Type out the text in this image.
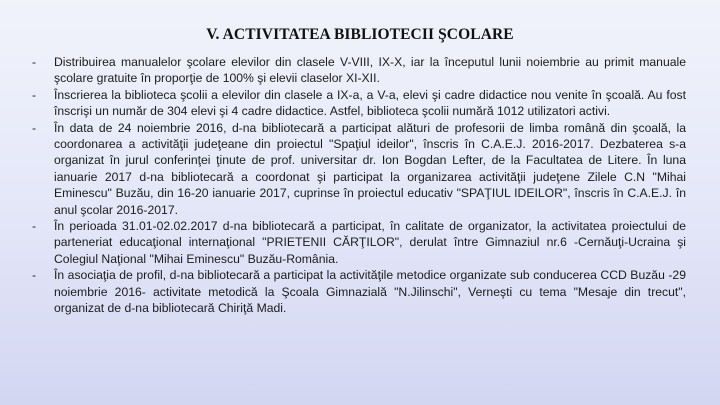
V. ACTIVITATEA BIBLIOTECII ŞCOLARE
- Distribuirea manualelor şcolare elevilor din clasele V-VIII, IX-X, iar la începutul lunii noiembrie au primit manuale şcolare gratuite în proporţie de 100% şi elevii claselor XI-XII.
- Înscrierea la biblioteca şcolii a elevilor din clasele a IX-a, a V-a, elevi şi cadre didactice nou venite în şcoală. Au fost înscrişi un număr de 304 elevi şi 4 cadre didactice. Astfel, biblioteca şcolii numără 1012 utilizatori activi.
- În data de 24 noiembrie 2016, d-na bibliotecară a participat alături de profesorii de limba română din şcoală, la coordonarea a activităţii judeţeane din proiectul "Spaţiul ideilor", înscris în C.A.E.J. 2016-2017. Dezbaterea s-a organizat în jurul conferinţei ţinute de prof. universitar dr. Ion Bogdan Lefter, de la Facultatea de Litere. În luna ianuarie 2017 d-na bibliotecară a coordonat şi participat la organizarea activităţii judeţene Zilele C.N "Mihai Eminescu" Buzău, din 16-20 ianuarie 2017, cuprinse în proiectul educativ "SPAŢIUL IDEILOR", înscris în C.A.E.J. în anul şcolar 2016-2017.
- În perioada 31.01-02.02.2017 d-na bibliotecară a participat, în calitate de organizator, la activitatea proiectului de parteneriat educaţional internaţional "PRIETENII CĂRŢILOR", derulat între Gimnaziul nr.6 -Cernăuţi-Ucraina şi Colegiul Naţional "Mihai Eminescu" Buzău-România.
- În asociaţia de profil, d-na bibliotecară a participat la activităţile metodice organizate sub conducerea CCD Buzău -29 noiembrie 2016- activitate metodică la Şcoala Gimnazială "N.Jilinschi", Verneşti cu tema "Mesaje din trecut", organizat de d-na bibliotecară Chiriţă Madi.
